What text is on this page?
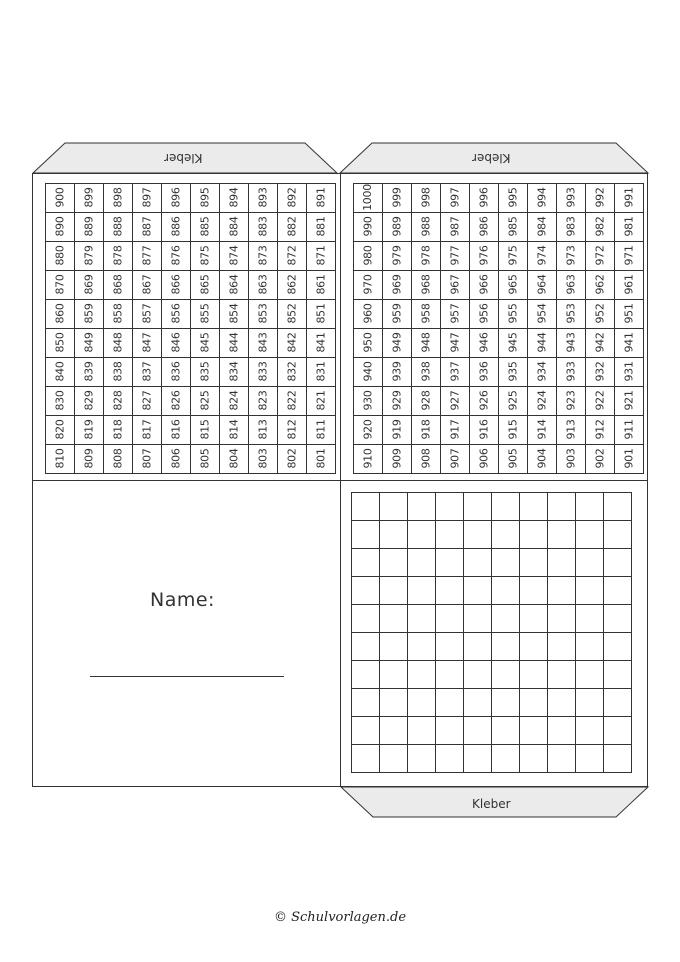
Kleber	Kleber
Kleber
801	802	803	804	805	806	807	808	809	810
811	812	813	814	815	816	817	818	819	820
821	822	823	824	825	826	827	828	829	830
831	832	833	834	835	836	837	838	839	840
841	842	843	844	845	846	847	848	849	850
851	852	853	854	855	856	857	858	859	860
861	862	863	864	865	866	867	868	869	870
871	872	873	874	875	876	877	878	879	880
881	882	883	884	885	886	887	888	889	890
891	892	893	894	895	896	897	898	899	900
901	902	903	904	905	906	907	908	909	910
911	912	913	914	915	916	917	918	919	920
921	922	923	924	925	926	927	928	929	930
931	932	933	934	935	936	937	938	939	940
941	942	943	944	945	946	947	948	949	950
951	952	953	954	955	956	957	958	959	960
961	962	963	964	965	966	967	968	969	970
971	972	973	974	975	976	977	978	979	980
981	982	983	984	985	986	987	988	989	990
991	992	993	994	995	996	997	998	999	1000

Name:
© Schulvorlagen.de
